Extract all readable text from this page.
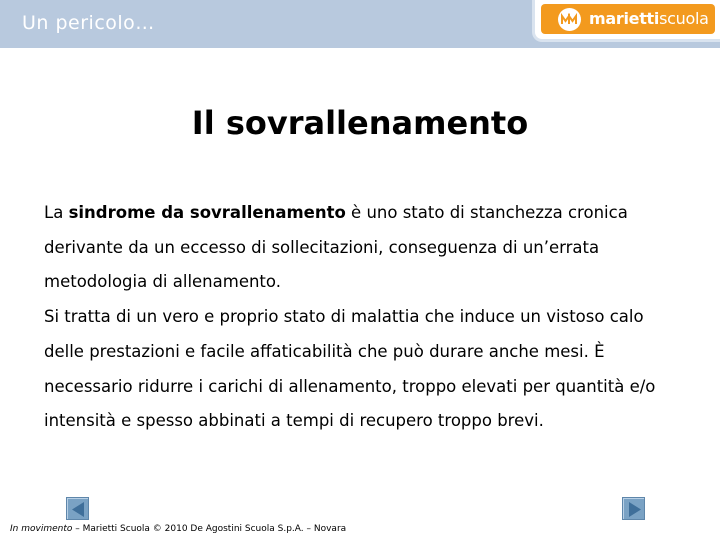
Un pericolo…	mariettiscuola
Il sovrallenamento

La sindrome da sovrallenamento è uno stato di stanchezza cronica derivante da un eccesso di sollecitazioni, conseguenza di un’errata metodologia di allenamento.

Si tratta di un vero e proprio stato di malattia che induce un vistoso calo delle prestazioni e facile affaticabilità che può durare anche mesi. È necessario ridurre i carichi di allenamento, troppo elevati per quantità e/o intensità e spesso abbinati a tempi di recupero troppo brevi.

In movimento – Marietti Scuola © 2010 De Agostini Scuola S.p.A. – Novara
